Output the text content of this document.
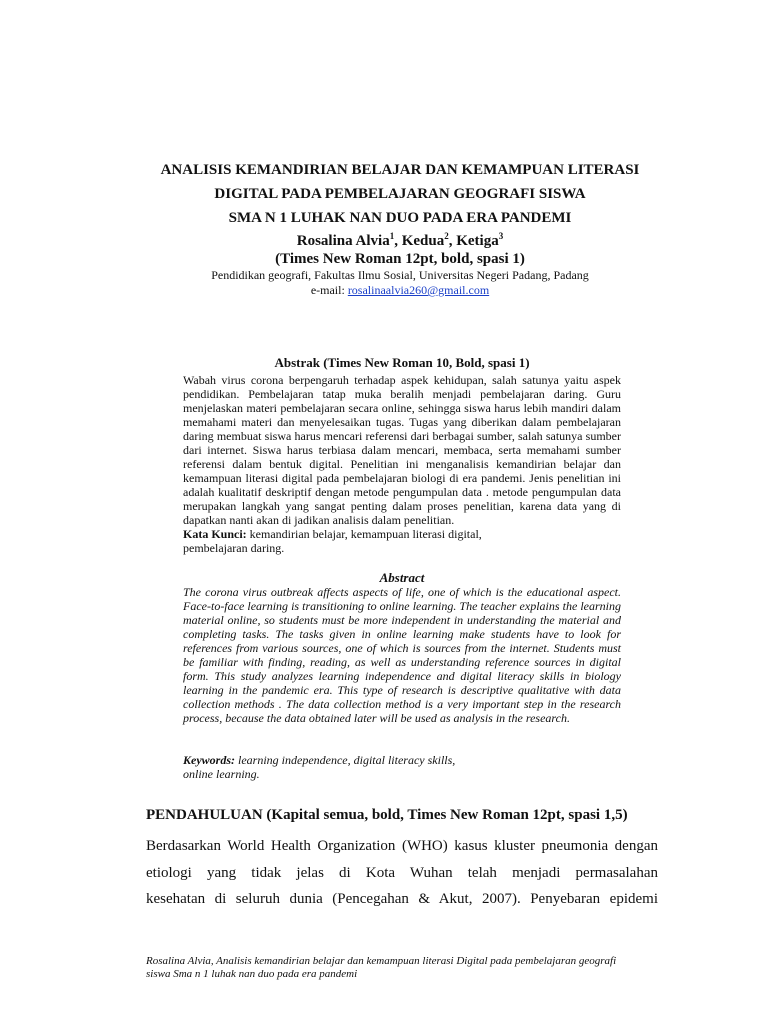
ANALISIS KEMANDIRIAN BELAJAR DAN KEMAMPUAN LITERASI
DIGITAL PADA PEMBELAJARAN GEOGRAFI SISWA
SMA N 1 LUHAK NAN DUO PADA ERA PANDEMI
Rosalina Alvia$^1$, Kedua$^2$, Ketiga$^3$
(Times New Roman 12pt, bold, spasi 1)
Pendidikan geografi, Fakultas Ilmu Sosial, Universitas Negeri Padang, Padang
e-mail: rosalinaalvia260@gmail.com
Abstrak (Times New Roman 10, Bold, spasi 1)
Wabah virus corona berpengaruh terhadap aspek kehidupan, salah satunya yaitu aspek pendidikan. Pembelajaran tatap muka beralih menjadi pembelajaran daring. Guru menjelaskan materi pembelajaran secara online, sehingga siswa harus lebih mandiri dalam memahami materi dan menyelesaikan tugas. Tugas yang diberikan dalam pembelajaran daring membuat siswa harus mencari referensi dari berbagai sumber, salah satunya sumber dari internet. Siswa harus terbiasa dalam mencari, membaca, serta memahami sumber referensi dalam bentuk digital. Penelitian ini menganalisis kemandirian belajar dan kemampuan literasi digital pada pembelajaran biologi di era pandemi. Jenis penelitian ini adalah kualitatif deskriptif dengan metode pengumpulan data . metode pengumpulan data merupakan langkah yang sangat penting dalam proses penelitian, karena data yang di dapatkan nanti akan di jadikan analisis dalam penelitian.
Kata Kunci: kemandirian belajar, kemampuan literasi digital,
pembelajaran daring.
Abstract
The corona virus outbreak affects aspects of life, one of which is the educational aspect. Face-to-face learning is transitioning to online learning. The teacher explains the learning material online, so students must be more independent in understanding the material and completing tasks. The tasks given in online learning make students have to look for references from various sources, one of which is sources from the internet. Students must be familiar with finding, reading, as well as understanding reference sources in digital form. This study analyzes learning independence and digital literacy skills in biology learning in the pandemic era. This type of research is descriptive qualitative with data collection methods . The data collection method is a very important step in the research process, because the data obtained later will be used as analysis in the research.
Keywords: learning independence, digital literacy skills,
online learning.
PENDAHULUAN (Kapital semua, bold, Times New Roman 12pt, spasi 1,5)
Berdasarkan World Health Organization (WHO) kasus kluster pneumonia dengan
etiologi yang tidak jelas di Kota Wuhan telah menjadi permasalahan
kesehatan di seluruh dunia (Pencegahan & Akut, 2007). Penyebaran epidemi
Rosalina Alvia, Analisis kemandirian belajar dan kemampuan literasi Digital pada pembelajaran geografi
siswa Sma n 1 luhak nan duo pada era pandemi
